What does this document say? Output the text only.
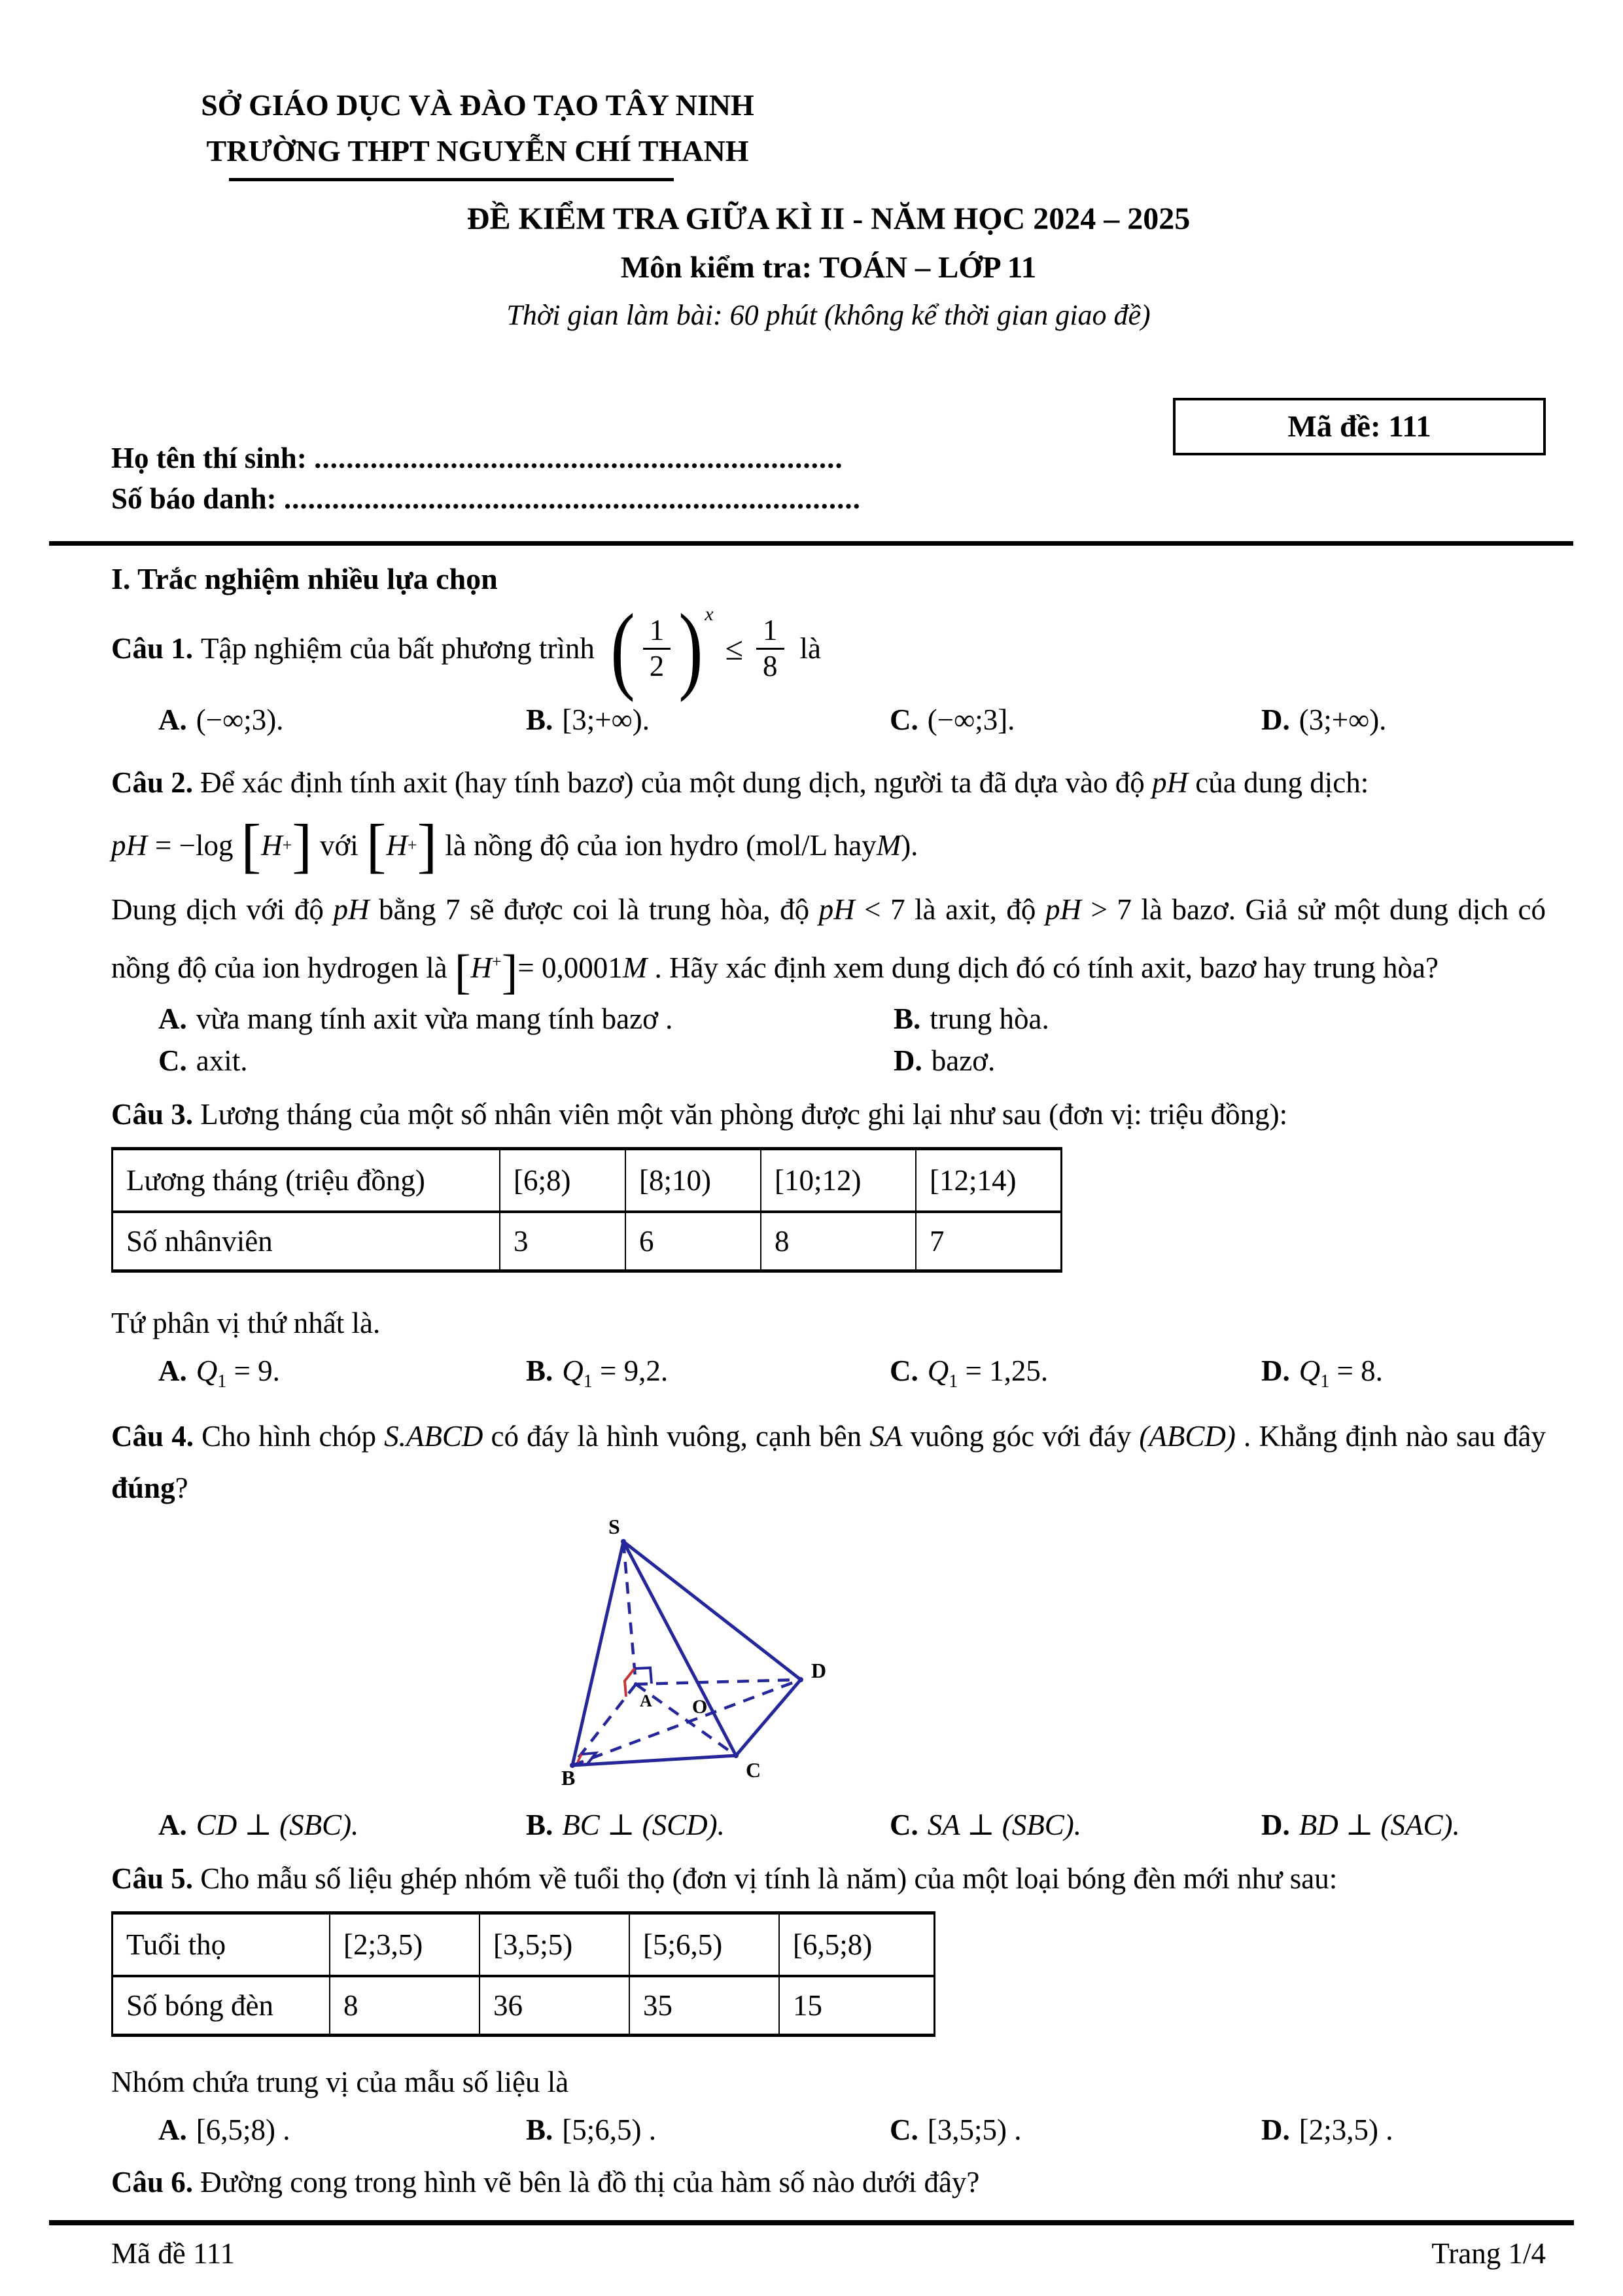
SỞ GIÁO DỤC VÀ ĐÀO TẠO TÂY NINH
TRƯỜNG THPT NGUYỄN CHÍ THANH
ĐỀ KIỂM TRA GIỮA KÌ II - NĂM HỌC 2024 – 2025
Môn kiểm tra: TOÁN – LỚP 11
Thời gian làm bài: 60 phút (không kể thời gian giao đề)
Mã đề: 111
Họ tên thí sinh: ..................................................................
Số báo danh: ........................................................................
I. Trắc nghiệm nhiều lựa chọn
Câu 1. Tập nghiệm của bất phương trình ( $\frac{1}{2}$ ) x
≤ $\frac{1}{8}$ là
A. (−∞;3).	B. [3;+∞).	C. (−∞;3].	D. (3;+∞).
Câu 2. Để xác định tính axit (hay tính bazơ) của một dung dịch, người ta đã dựa vào độ pH của dung dịch:
pH = −log [ H + ] với [ H + ] là nồng độ của ion hydro (mol/L hay M ).
Dung dịch với độ pH bằng 7 sẽ được coi là trung hòa, độ pH < 7 là axit, độ pH > 7 là bazơ. Giả sử một dung dịch có nồng độ của ion hydrogen là [H+]= 0,0001M . Hãy xác định xem dung dịch đó có tính axit, bazơ hay trung hòa?
A. vừa mang tính axit vừa mang tính bazơ .	B. trung hòa.
C. axit.	D. bazơ.
Câu 3. Lương tháng của một số nhân viên một văn phòng được ghi lại như sau (đơn vị: triệu đồng):
Lương tháng (triệu đồng)	[6;8)	[8;10)	[10;12)	[12;14)
Số nhânviên	3	6	8	7
Tứ phân vị thứ nhất là.
A. $Q_1 = 9$.	B. $Q_1 = 9,2$.	C. $Q_1 = 1,25$.	D. $Q_1 = 8$.
Câu 4. Cho hình chóp S.ABCD có đáy là hình vuông, cạnh bên SA vuông góc với đáy (ABCD) . Khẳng định nào sau đây đúng?
S
A
B	C
D
O
A. CD ⊥ (SBC).	B. BC ⊥ (SCD).	C. SA ⊥ (SBC).	D. BD ⊥ (SAC).
Câu 5. Cho mẫu số liệu ghép nhóm về tuổi thọ (đơn vị tính là năm) của một loại bóng đèn mới như sau:
Tuổi thọ	[2;3,5)	[3,5;5)	[5;6,5)	[6,5;8)
Số bóng đèn	8	36	35	15
Nhóm chứa trung vị của mẫu số liệu là
A. [6,5;8) .	B. [5;6,5) .	C. [3,5;5) .	D. [2;3,5) .
Câu 6. Đường cong trong hình vẽ bên là đồ thị của hàm số nào dưới đây?
Mã đề 111	Trang 1/4
